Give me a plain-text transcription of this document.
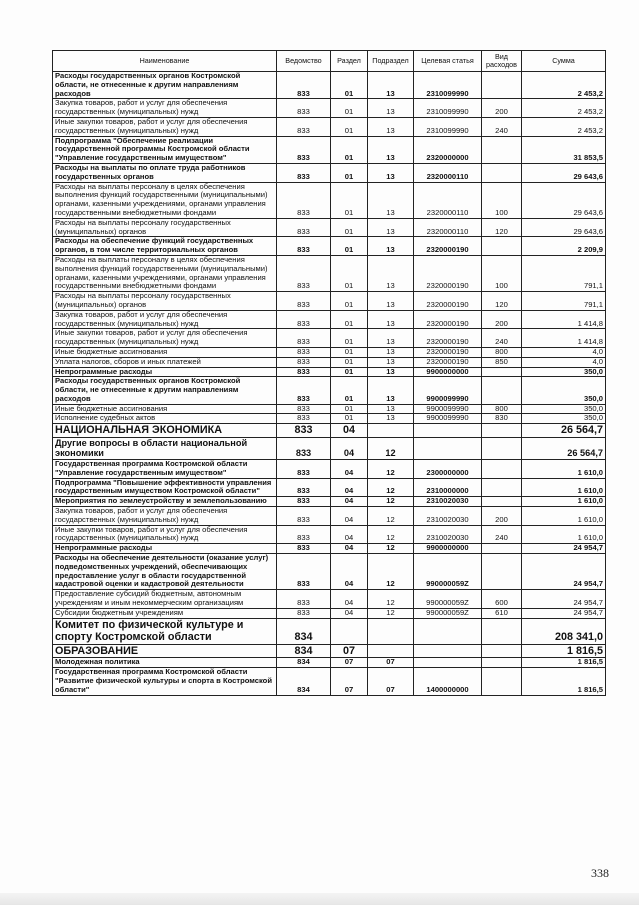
Наименование	Ведомство	Раздел	Подраздел	Целевая статья	Вид расходов	Сумма
Расходы государственных органов Костромской области, не отнесенные к другим направлениям расходов	833	01	13	2310099990		2 453,2
Закупка товаров, работ и услуг для обеспечения государственных (муниципальных) нужд	833	01	13	2310099990	200	2 453,2
Иные закупки товаров, работ и услуг для обеспечения государственных (муниципальных) нужд	833	01	13	2310099990	240	2 453,2
Подпрограмма "Обеспечение реализации государственной программы Костромской области "Управление государственным имуществом"	833	01	13	2320000000		31 853,5
Расходы на выплаты по оплате труда работников государственных органов	833	01	13	2320000110		29 643,6
Расходы на выплаты персоналу в целях обеспечения выполнения функций государственными (муниципальными) органами, казенными учреждениями, органами управления государственными внебюджетными фондами	833	01	13	2320000110	100	29 643,6
Расходы на выплаты персоналу государственных (муниципальных) органов	833	01	13	2320000110	120	29 643,6
Расходы на обеспечение функций государственных органов, в том числе территориальных органов	833	01	13	2320000190		2 209,9
Расходы на выплаты персоналу в целях обеспечения выполнения функций государственными (муниципальными) органами, казенными учреждениями, органами управления государственными внебюджетными фондами	833	01	13	2320000190	100	791,1
Расходы на выплаты персоналу государственных (муниципальных) органов	833	01	13	2320000190	120	791,1
Закупка товаров, работ и услуг для обеспечения государственных (муниципальных) нужд	833	01	13	2320000190	200	1 414,8
Иные закупки товаров, работ и услуг для обеспечения государственных (муниципальных) нужд	833	01	13	2320000190	240	1 414,8
Иные бюджетные ассигнования	833	01	13	2320000190	800	4,0
Уплата налогов, сборов и иных платежей	833	01	13	2320000190	850	4,0
Непрограммные расходы	833	01	13	9900000000		350,0
Расходы государственных органов Костромской области, не отнесенные к другим направлениям расходов	833	01	13	9900099990		350,0
Иные бюджетные ассигнования	833	01	13	9900099990	800	350,0
Исполнение судебных актов	833	01	13	9900099990	830	350,0
НАЦИОНАЛЬНАЯ ЭКОНОМИКА	833	04				26 564,7
Другие вопросы в области национальной экономики	833	04	12			26 564,7
Государственная программа Костромской области "Управление государственным имуществом"	833	04	12	2300000000		1 610,0
Подпрограмма "Повышение эффективности управления государственным имуществом Костромской области"	833	04	12	2310000000		1 610,0
Мероприятия по землеустройству и землепользованию	833	04	12	2310020030		1 610,0
Закупка товаров, работ и услуг для обеспечения государственных (муниципальных) нужд	833	04	12	2310020030	200	1 610,0
Иные закупки товаров, работ и услуг для обеспечения государственных (муниципальных) нужд	833	04	12	2310020030	240	1 610,0
Непрограммные расходы	833	04	12	9900000000		24 954,7
Расходы на обеспечение деятельности (оказание услуг) подведомственных учреждений, обеспечивающих предоставление услуг в области государственной кадастровой оценки и кадастровой деятельности	833	04	12	990000059Z		24 954,7
Предоставление субсидий бюджетным, автономным учреждениям и иным некоммерческим организациям	833	04	12	990000059Z	600	24 954,7
Субсидии бюджетным учреждениям	833	04	12	990000059Z	610	24 954,7
Комитет по физической культуре и спорту Костромской области	834					208 341,0
ОБРАЗОВАНИЕ	834	07				1 816,5
Молодежная политика	834	07	07			1 816,5
Государственная программа Костромской области "Развитие физической культуры и спорта в Костромской области"	834	07	07	1400000000		1 816,5
338
